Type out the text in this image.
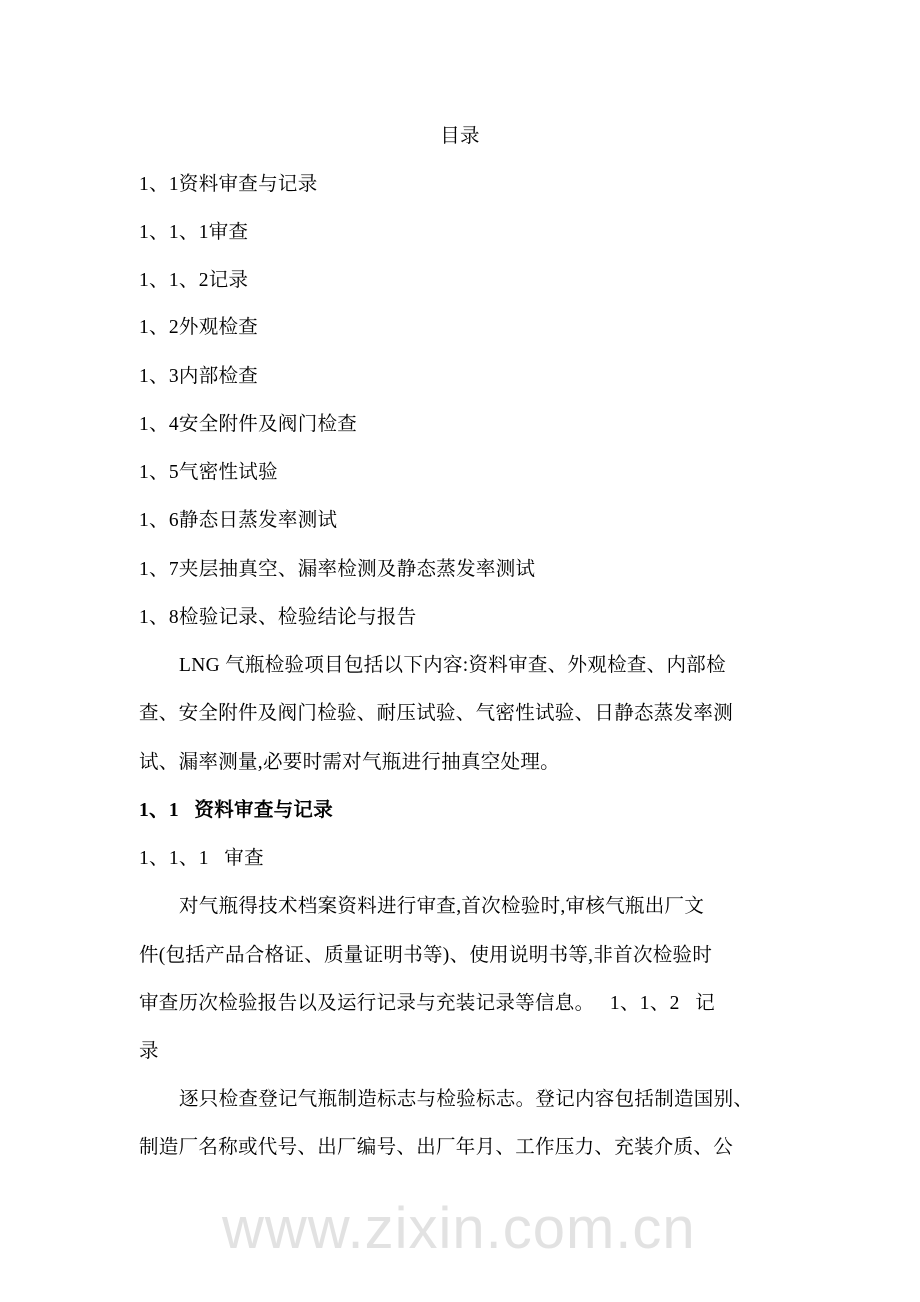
www.zixin.com.cn
目录
1、1资料审查与记录
1、1、1审查
1、1、2记录
1、2外观检查
1、3内部检查
1、4安全附件及阀门检查
1、5气密性试验
1、6静态日蒸发率测试
1、7夹层抽真空、漏率检测及静态蒸发率测试
1、8检验记录、检验结论与报告
LNG 气瓶检验项目包括以下内容:资料审查、外观检查、内部检
查、安全附件及阀门检验、耐压试验、气密性试验、日静态蒸发率测
试、漏率测量,必要时需对气瓶进行抽真空处理。
1、1   资料审查与记录
1、1、1   审查
对气瓶得技术档案资料进行审查,首次检验时,审核气瓶出厂文
件(包括产品合格证、质量证明书等)、使用说明书等,非首次检验时
审查历次检验报告以及运行记录与充装记录等信息。   1、1、2   记
录
逐只检查登记气瓶制造标志与检验标志。登记内容包括制造国别、
制造厂名称或代号、出厂编号、出厂年月、工作压力、充装介质、公
